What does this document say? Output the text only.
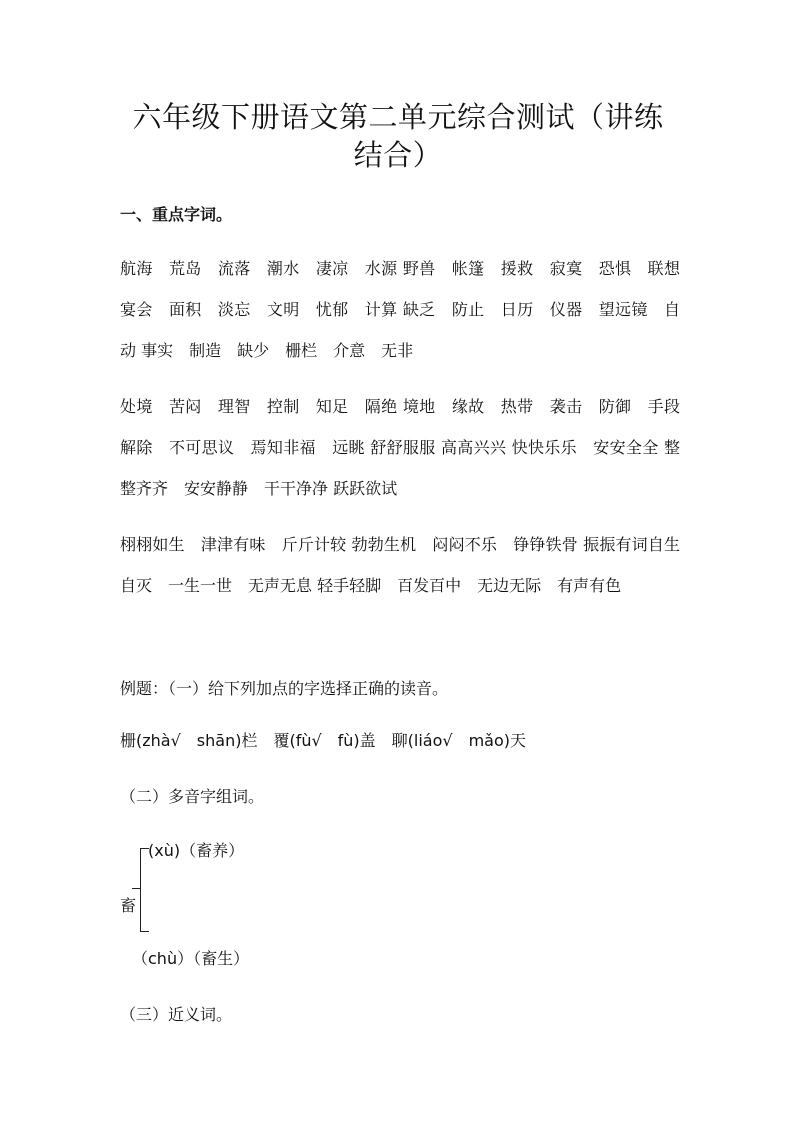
六年级下册语文第二单元综合测试（讲练结合）
一、重点字词。
航海　荒岛　流落　潮水　凄凉　水源 野兽　帐篷　援救　寂寞　恐惧　联想 宴会　面积　淡忘　文明　忧郁　计算 缺乏　防止　日历　仪器　望远镜　自动 事实　制造　缺少　栅栏　介意　无非
处境　苦闷　理智　控制　知足　隔绝 境地　缘故　热带　袭击　防御　手段 解除　不可思议　焉知非福　远眺 舒舒服服 高高兴兴 快快乐乐　安安全全 整整齐齐　安安静静　干干净净 跃跃欲试
栩栩如生　津津有味　斤斤计较 勃勃生机　闷闷不乐　铮铮铁骨 振振有词自生自灭　一生一世　无声无息 轻手轻脚　百发百中　无边无际　有声有色
例题：（一）给下列加点的字选择正确的读音。
栅(zhà√　shān)栏　覆(fù√　fù)盖　聊(liáo√　mǎo)天
（二）多音字组词。
(xù)（畜养）
畜
（chù）（畜生）
（三）近义词。
